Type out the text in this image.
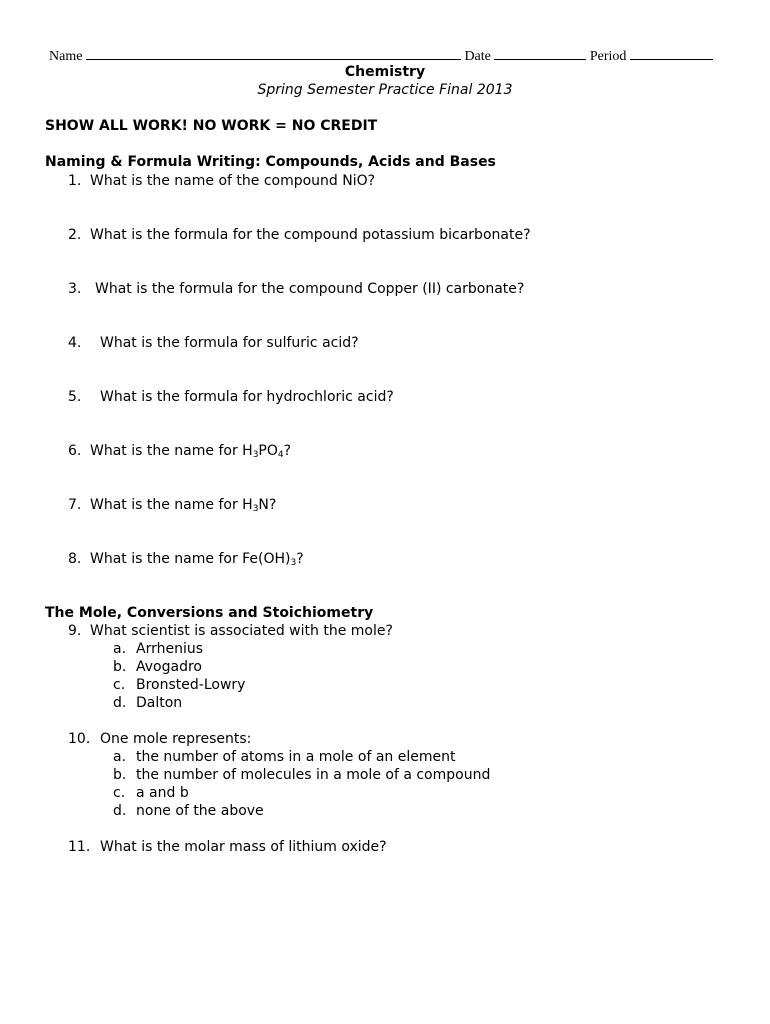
Name	Date	Period
Chemistry
Spring Semester Practice Final 2013
SHOW ALL WORK! NO WORK = NO CREDIT
Naming & Formula Writing: Compounds, Acids and Bases
1. What is the name of the compound NiO?
2. What is the formula for the compound potassium bicarbonate?
3. What is the formula for the compound Copper (II) carbonate?
4. What is the formula for sulfuric acid?
5. What is the formula for hydrochloric acid?
6. What is the name for $H_3PO_4$?
7. What is the name for $H_3N$?
8. What is the name for $Fe(OH)_3$?
The Mole, Conversions and Stoichiometry
9. What scientist is associated with the mole?
a. Arrhenius
b. Avogadro
c. Bronsted-Lowry
d. Dalton
10. One mole represents:
a. the number of atoms in a mole of an element
b. the number of molecules in a mole of a compound
c. a and b
d. none of the above
11. What is the molar mass of lithium oxide?
